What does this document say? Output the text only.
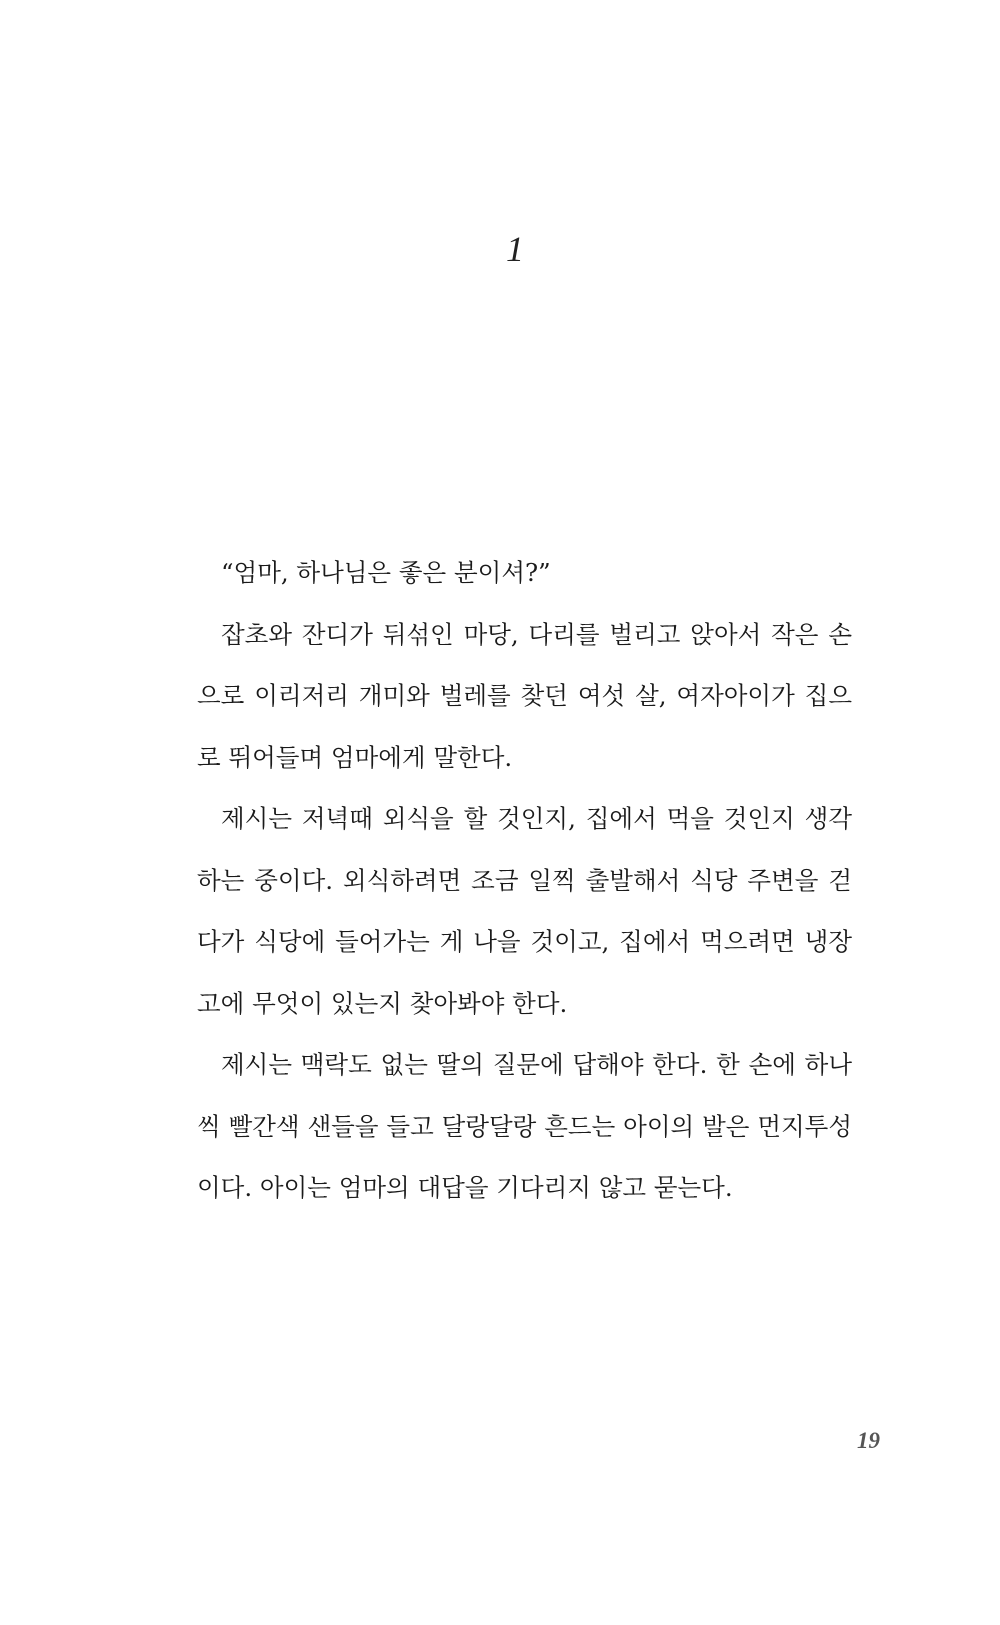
1

“엄마, 하나님은 좋은 분이셔?”

잡초와 잔디가 뒤섞인 마당, 다리를 벌리고 앉아서 작은 손으로 이리저리 개미와 벌레를 찾던 여섯 살, 여자아이가 집으로 뛰어들며 엄마에게 말한다.

제시는 저녁때 외식을 할 것인지, 집에서 먹을 것인지 생각하는 중이다. 외식하려면 조금 일찍 출발해서 식당 주변을 걷다가 식당에 들어가는 게 나을 것이고, 집에서 먹으려면 냉장고에 무엇이 있는지 찾아봐야 한다.

제시는 맥락도 없는 딸의 질문에 답해야 한다. 한 손에 하나씩 빨간색 샌들을 들고 달랑달랑 흔드는 아이의 발은 먼지투성이다. 아이는 엄마의 대답을 기다리지 않고 묻는다.

19
